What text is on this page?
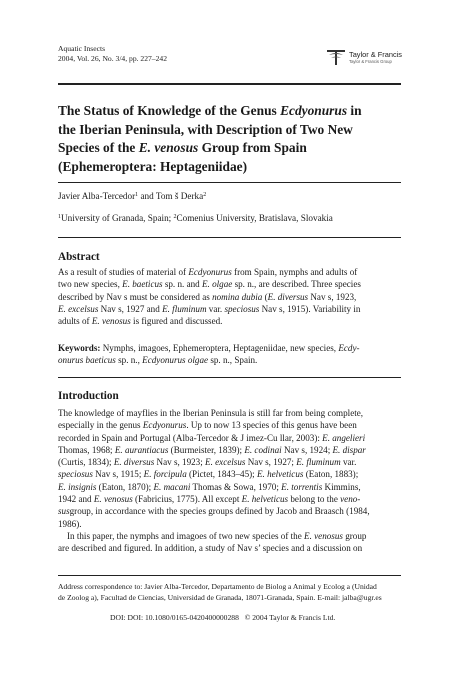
Aquatic Insects
2004, Vol. 26, No. 3/4, pp. 227–242	Taylor & Francis
Taylor & Francis Group
The Status of Knowledge of the Genus Ecdyonurus in
the Iberian Peninsula, with Description of Two New
Species of the E. venosus Group from Spain
(Ephemeroptera: Heptageniidae)
Javier Alba-Tercedor$^1$ and Tom š Derka$^2$
$^1$University of Granada, Spain; $^2$Comenius University, Bratislava, Slovakia
Abstract
As a result of studies of material of Ecdyonurus from Spain, nymphs and adults of
two new species, E. baeticus sp. n. and E. olgae sp. n., are described. Three species
described by Nav s must be considered as nomina dubia (E. diversus Nav s, 1923,
E. excelsus Nav s, 1927 and E. fluminum var. speciosus Nav s, 1915). Variability in
adults of E. venosus is figured and discussed.
Keywords: Nymphs, imagoes, Ephemeroptera, Heptageniidae, new species, Ecdy-
onurus baeticus sp. n., Ecdyonurus olgae sp. n., Spain.
Introduction
The knowledge of mayflies in the Iberian Peninsula is still far from being complete,
especially in the genus Ecdyonurus. Up to now 13 species of this genus have been
recorded in Spain and Portugal (Alba-Tercedor & J imez-Cu llar, 2003): E. angelieri
Thomas, 1968; E. aurantiacus (Burmeister, 1839); E. codinai Nav s, 1924; E. dispar
(Curtis, 1834); E. diversus Nav s, 1923; E. excelsus Nav s, 1927; E. fluminum var.
speciosus Nav s, 1915; E. forcipula (Pictet, 1843–45); E. helveticus (Eaton, 1883);
E. insignis (Eaton, 1870); E. macani Thomas & Sowa, 1970; E. torrentis Kimmins,
1942 and E. venosus (Fabricius, 1775). All except E. helveticus belong to the veno-
susgroup, in accordance with the species groups defined by Jacob and Braasch (1984,
1986).
In this paper, the nymphs and imagoes of two new species of the E. venosus group
are described and figured. In addition, a study of Nav s’ species and a discussion on
Address correspondence to: Javier Alba-Tercedor, Departamento de Biolog a Animal y Ecolog a (Unidad
de Zoolog a), Facultad de Ciencias, Universidad de Granada, 18071-Granada, Spain. E-mail: jalba@ugr.es
DOI: DOI: 10.1080/0165-0420400000288 © 2004 Taylor & Francis Ltd.
